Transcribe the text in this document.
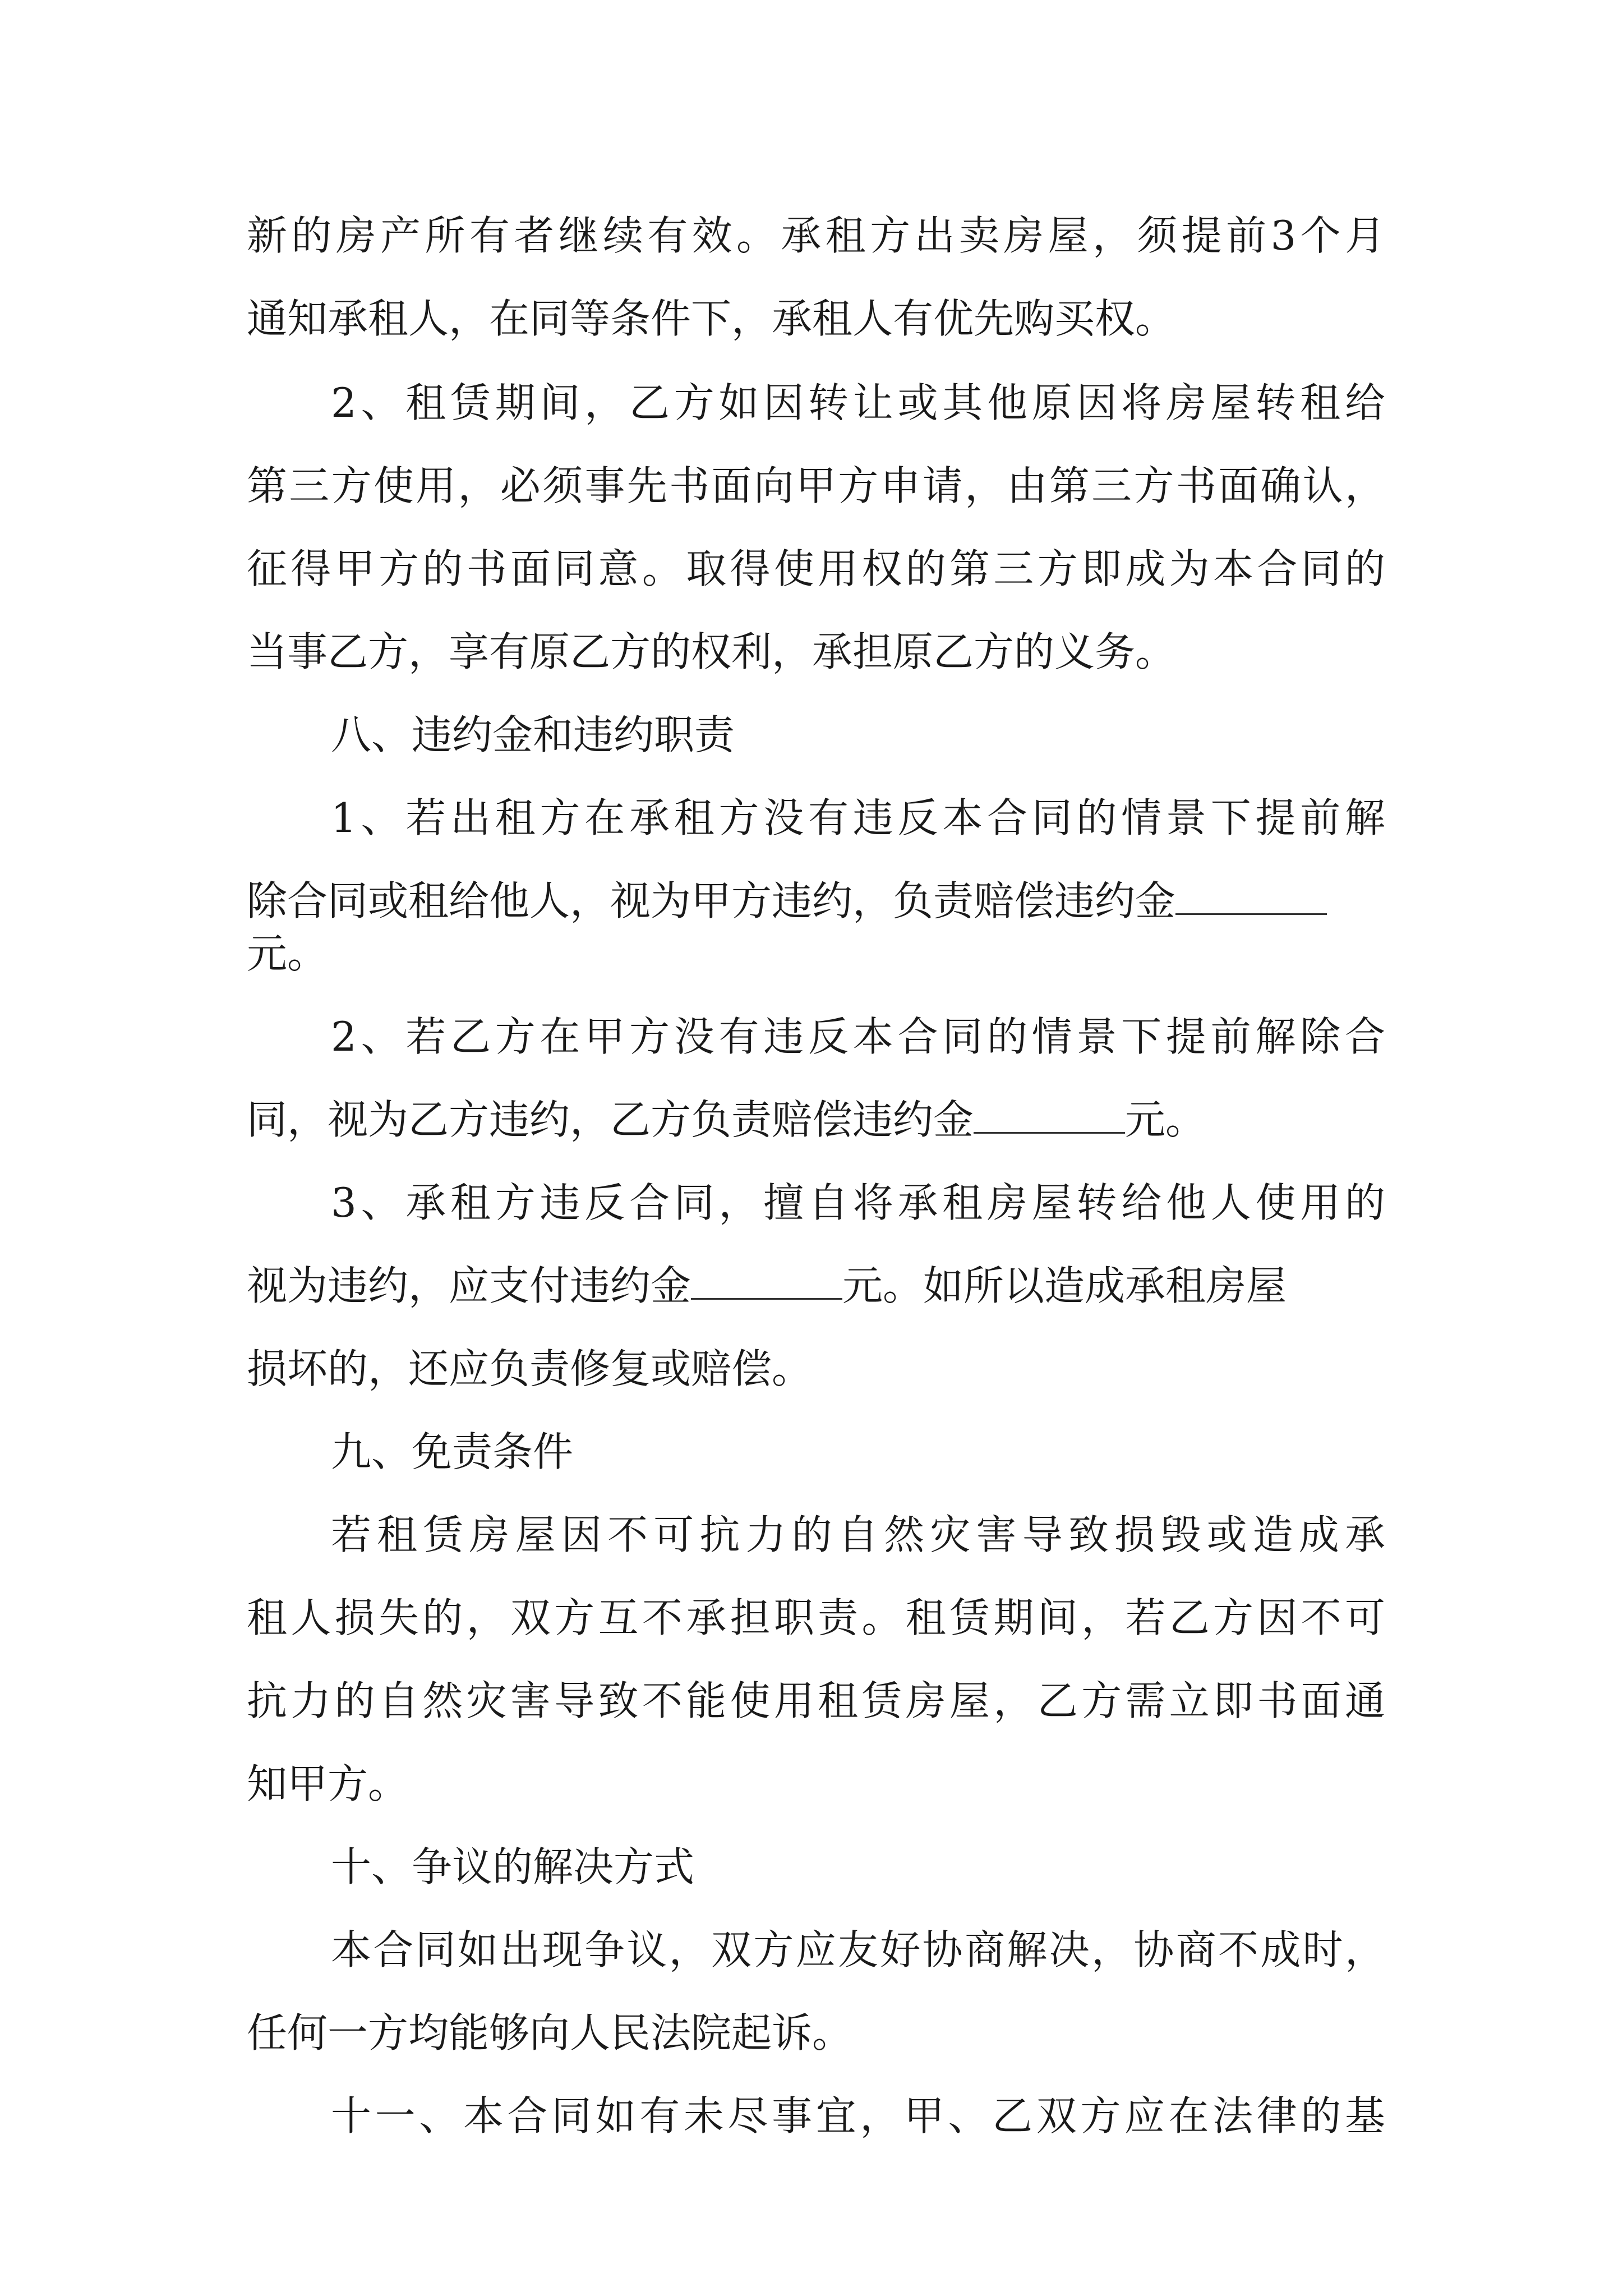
新的房产所有者继续有效。承租方出卖房屋，须提前3个月
通知承租人，在同等条件下，承租人有优先购买权。
2、租赁期间，乙方如因转让或其他原因将房屋转租给
第三方使用，必须事先书面向甲方申请，由第三方书面确认，
征得甲方的书面同意。取得使用权的第三方即成为本合同的
当事乙方，享有原乙方的权利，承担原乙方的义务。
八、违约金和违约职责
1、若出租方在承租方没有违反本合同的情景下提前解
除合同或租给他人，视为甲方违约，负责赔偿违约金
元。
2、若乙方在甲方没有违反本合同的情景下提前解除合
同，视为乙方违约，乙方负责赔偿违约金	元。
3、承租方违反合同，擅自将承租房屋转给他人使用的
视为违约，应支付违约金	元。如所以造成承租房屋
损坏的，还应负责修复或赔偿。
九、免责条件
若租赁房屋因不可抗力的自然灾害导致损毁或造成承
租人损失的，双方互不承担职责。租赁期间，若乙方因不可
抗力的自然灾害导致不能使用租赁房屋，乙方需立即书面通
知甲方。
十、争议的解决方式
本合同如出现争议，双方应友好协商解决，协商不成时，
任何一方均能够向人民法院起诉。
十一、本合同如有未尽事宜，甲、乙双方应在法律的基
